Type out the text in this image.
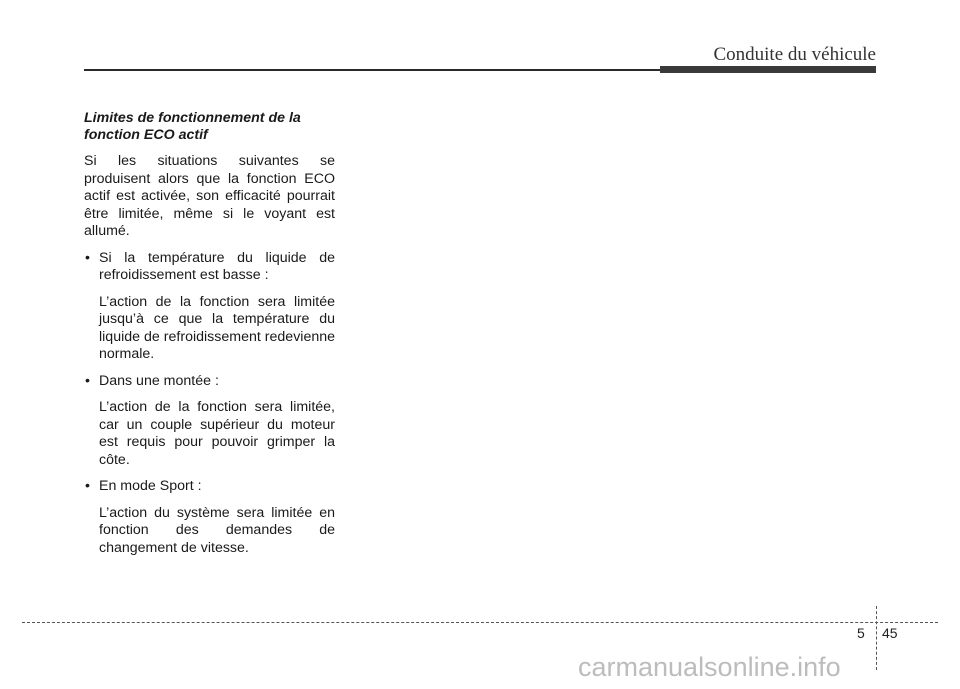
Conduite du véhicule
Limites de fonctionnement de la
fonction ECO actif

Si les situations suivantes se produisent alors que la fonction ECO actif est activée, son efficacité pourrait être limitée, même si le voyant est allumé.

• Si la température du liquide de refroidissement est basse :

L’action de la fonction sera limitée jusqu’à ce que la température du liquide de refroidissement redevienne normale.

• Dans une montée :

L’action de la fonction sera limitée, car un couple supérieur du moteur est requis pour pouvoir grimper la côte.

• En mode Sport :

L’action du système sera limitée en fonction des demandes de changement de vitesse.

5 45
carmanualsonline.info
